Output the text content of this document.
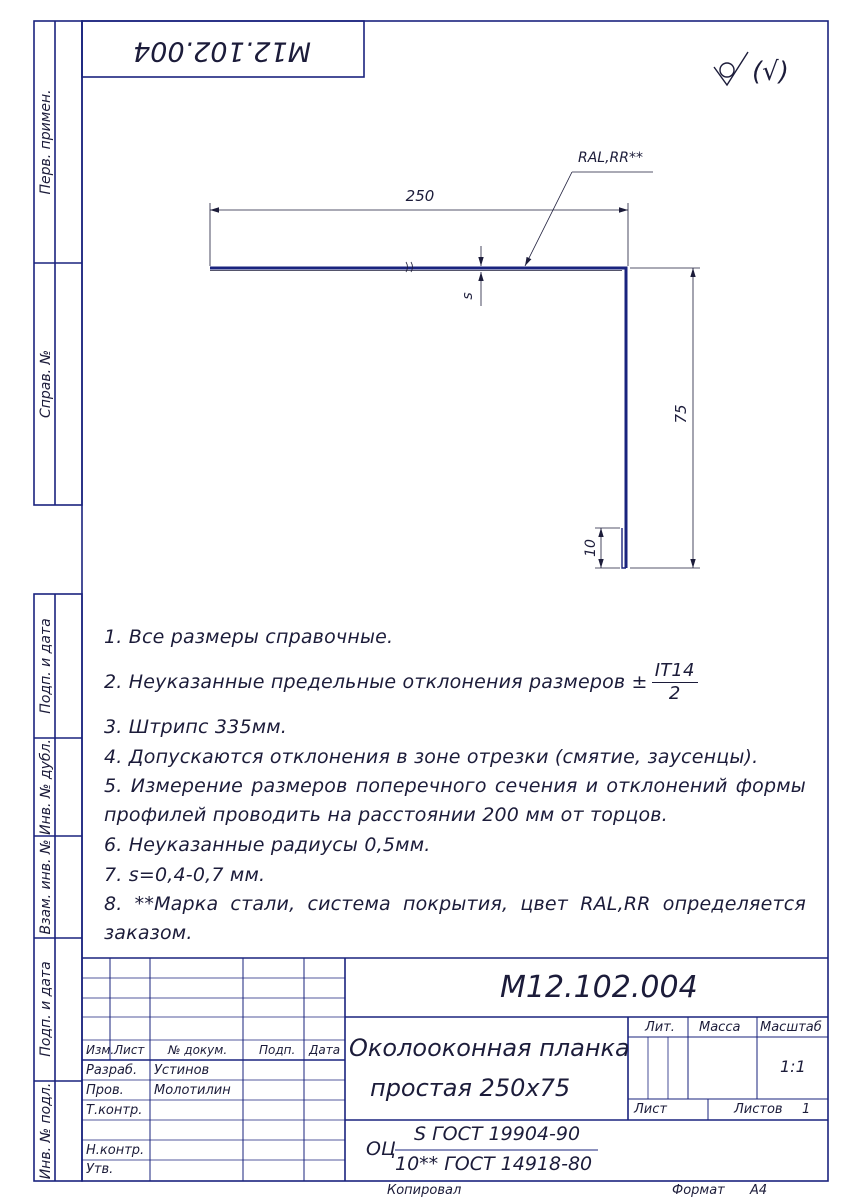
М12.102.004
(√)
RAL,RR**
250
75
s
10
Перв. примен.
Справ. №
Подп. и дата
Инв. № дубл.
Взам. инв. №
Подп. и дата
Инв. № подл.
1. Все размеры справочные.
2. Неуказанные предельные отклонения размеров ± $\frac{IT14}{2}$
3. Штрипс 335мм.
4. Допускаются отклонения в зоне отрезки (смятие, заусенцы).
5. Измерение размеров поперечного сечения и отклонений формы профилей проводить на расстоянии 200 мм от торцов.
6. Неуказанные радиусы 0,5мм.
7. s=0,4-0,7 мм.
8. **Марка стали, система покрытия, цвет RAL,RR определяется заказом.
М12.102.004
Околооконная планка
простая 250х75
ОЦ
S ГОСТ 19904-90
10** ГОСТ 14918-80
Изм. Лист № докум.	Подп. Дата
Разраб. Устинов
Пров. Молотилин
Т.контр.
Н.контр.
Утв.
Лит. Масса Масштаб
1:1
Лист	Листов 1
Копировал	Формат А4
